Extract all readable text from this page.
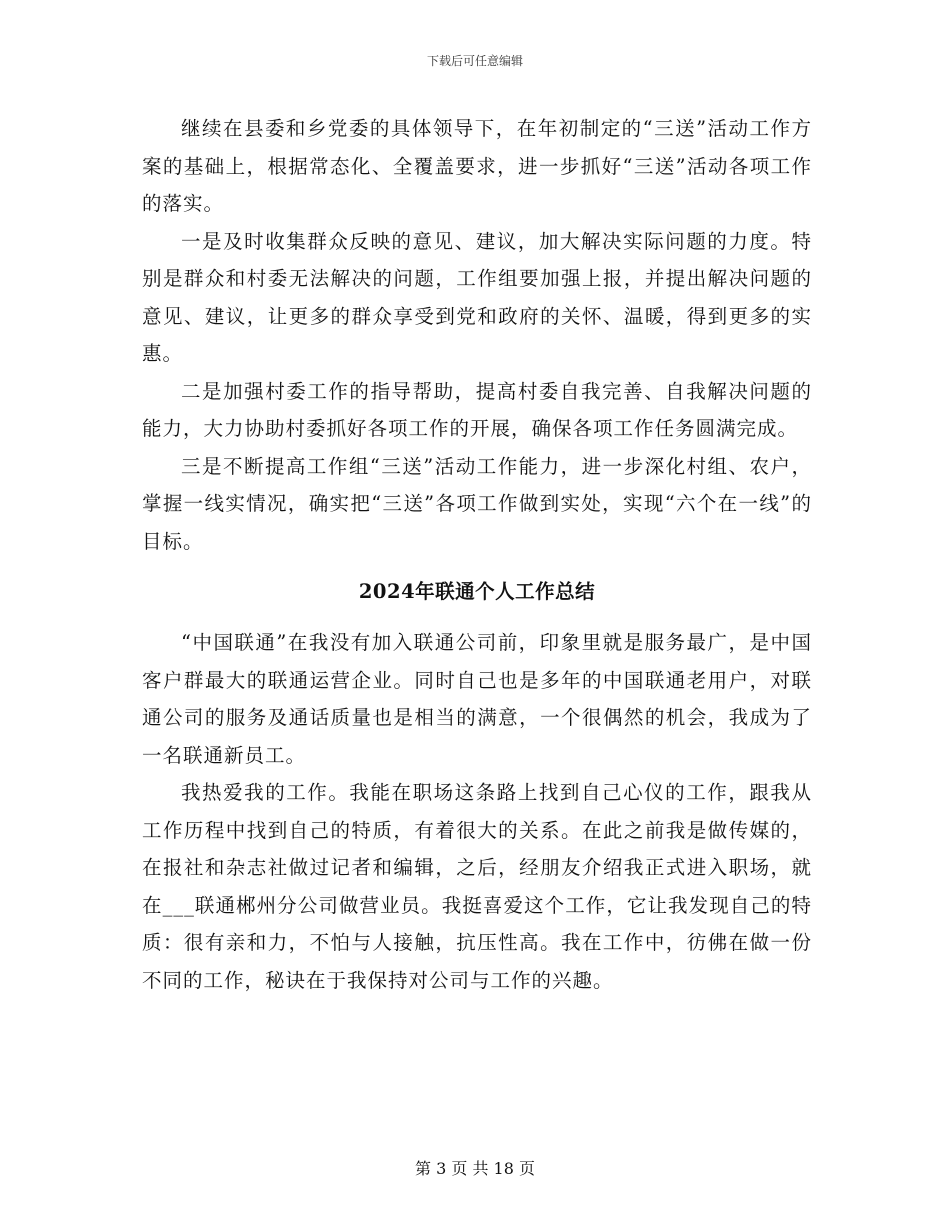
下载后可任意编辑

继续在县委和乡党委的具体领导下，在年初制定的“三送”活动工作方案的基础上，根据常态化、全覆盖要求，进一步抓好“三送”活动各项工作的落实。

一是及时收集群众反映的意见、建议，加大解决实际问题的力度。特别是群众和村委无法解决的问题，工作组要加强上报，并提出解决问题的意见、建议，让更多的群众享受到党和政府的关怀、温暖，得到更多的实惠。

二是加强村委工作的指导帮助，提高村委自我完善、自我解决问题的能力，大力协助村委抓好各项工作的开展，确保各项工作任务圆满完成。

三是不断提高工作组“三送”活动工作能力，进一步深化村组、农户，掌握一线实情况，确实把“三送”各项工作做到实处，实现“六个在一线”的目标。

2024年联通个人工作总结

“中国联通”在我没有加入联通公司前，印象里就是服务最广，是中国客户群最大的联通运营企业。同时自己也是多年的中国联通老用户，对联通公司的服务及通话质量也是相当的满意，一个很偶然的机会，我成为了一名联通新员工。

我热爱我的工作。我能在职场这条路上找到自己心仪的工作，跟我从工作历程中找到自己的特质，有着很大的关系。在此之前我是做传媒的，在报社和杂志社做过记者和编辑，之后，经朋友介绍我正式进入职场，就在___联通郴州分公司做营业员。我挺喜爱这个工作，它让我发现自己的特质：很有亲和力，不怕与人接触，抗压性高。我在工作中，彷佛在做一份不同的工作，秘诀在于我保持对公司与工作的兴趣。

第 3 页 共 18 页
